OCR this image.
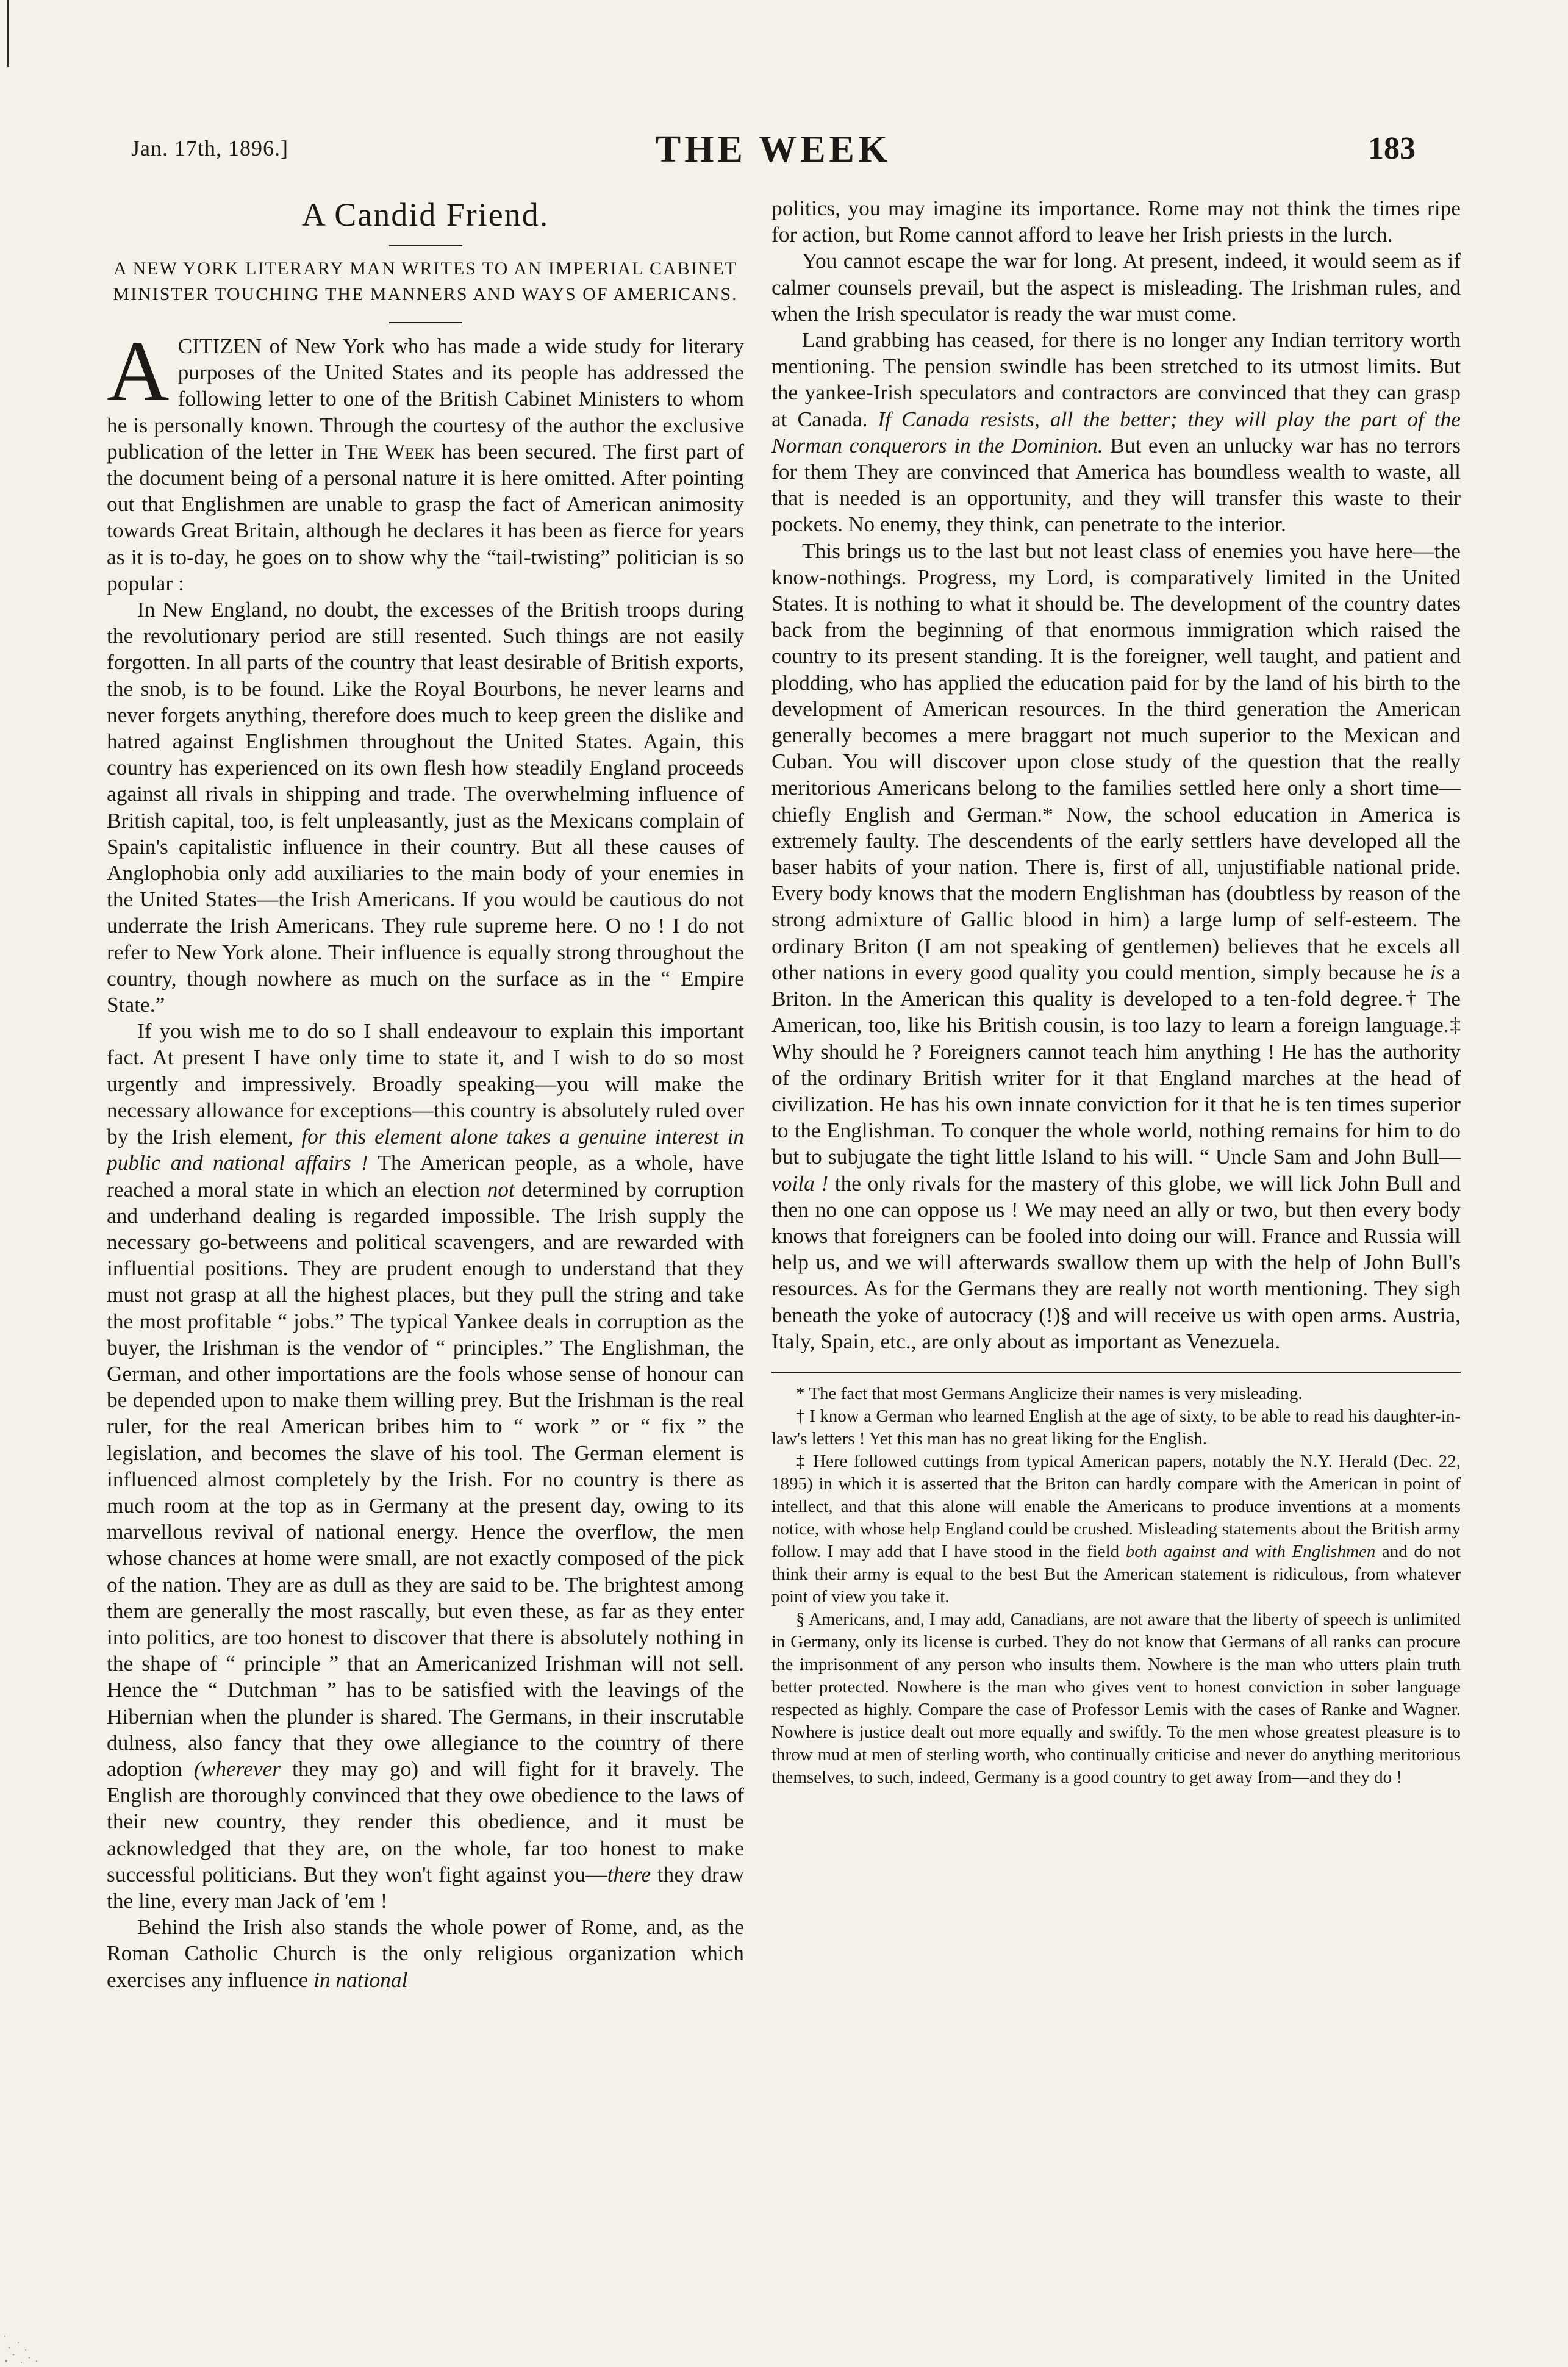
Jan. 17th, 1896.]	THE WEEK	183
A Candid Friend.
A NEW YORK LITERARY MAN WRITES TO AN IMPERIAL CABINET MINISTER TOUCHING THE MANNERS AND WAYS OF AMERICANS.

ACITIZEN of New York who has made a wide study for literary purposes of the United States and its people has addressed the following letter to one of the British Cabinet Ministers to whom he is personally known. Through the courtesy of the author the exclusive publication of the letter in The Week has been secured. The first part of the document being of a personal nature it is here omitted. After pointing out that Englishmen are unable to grasp the fact of American animosity towards Great Britain, although he declares it has been as fierce for years as it is to-day, he goes on to show why the “tail-twisting” politician is so popular :

In New England, no doubt, the excesses of the British troops during the revolutionary period are still resented. Such things are not easily forgotten. In all parts of the country that least desirable of British exports, the snob, is to be found. Like the Royal Bourbons, he never learns and never forgets anything, therefore does much to keep green the dislike and hatred against Englishmen throughout the United States. Again, this country has experienced on its own flesh how steadily England proceeds against all rivals in shipping and trade. The overwhelming influence of British capital, too, is felt unpleasantly, just as the Mexicans complain of Spain's capitalistic influence in their country. But all these causes of Anglophobia only add auxiliaries to the main body of your enemies in the United States—the Irish Americans. If you would be cautious do not underrate the Irish Americans. They rule supreme here. O no ! I do not refer to New York alone. Their influence is equally strong throughout the country, though nowhere as much on the surface as in the “ Empire State.”

If you wish me to do so I shall endeavour to explain this important fact. At present I have only time to state it, and I wish to do so most urgently and impressively. Broadly speaking—you will make the necessary allowance for exceptions—this country is absolutely ruled over by the Irish element, for this element alone takes a genuine interest in public and national affairs ! The American people, as a whole, have reached a moral state in which an election not determined by corruption and underhand dealing is regarded impossible. The Irish supply the necessary go-betweens and political scavengers, and are rewarded with influential positions. They are prudent enough to understand that they must not grasp at all the highest places, but they pull the string and take the most profitable “ jobs.” The typical Yankee deals in corruption as the buyer, the Irishman is the vendor of “ principles.” The Englishman, the German, and other importations are the fools whose sense of honour can be depended upon to make them willing prey. But the Irishman is the real ruler, for the real American bribes him to “ work ” or “ fix ” the legislation, and becomes the slave of his tool. The German element is influenced almost completely by the Irish. For no country is there as much room at the top as in Germany at the present day, owing to its marvellous revival of national energy. Hence the overflow, the men whose chances at home were small, are not exactly composed of the pick of the nation. They are as dull as they are said to be. The brightest among them are generally the most rascally, but even these, as far as they enter into politics, are too honest to discover that there is absolutely nothing in the shape of “ principle ” that an Americanized Irishman will not sell. Hence the “ Dutchman ” has to be satisfied with the leavings of the Hibernian when the plunder is shared. The Germans, in their inscrutable dulness, also fancy that they owe allegiance to the country of there adoption (wherever they may go) and will fight for it bravely. The English are thoroughly convinced that they owe obedience to the laws of their new country, they render this obedience, and it must be acknowledged that they are, on the whole, far too honest to make successful politicians. But they won't fight against you—there they draw the line, every man Jack of 'em !

Behind the Irish also stands the whole power of Rome, and, as the Roman Catholic Church is the only religious organization which exercises any influence in national

politics, you may imagine its importance. Rome may not think the times ripe for action, but Rome cannot afford to leave her Irish priests in the lurch.

You cannot escape the war for long. At present, indeed, it would seem as if calmer counsels prevail, but the aspect is misleading. The Irishman rules, and when the Irish speculator is ready the war must come.

Land grabbing has ceased, for there is no longer any Indian territory worth mentioning. The pension swindle has been stretched to its utmost limits. But the yankee-Irish speculators and contractors are convinced that they can grasp at Canada. If Canada resists, all the better; they will play the part of the Norman conquerors in the Dominion. But even an unlucky war has no terrors for them They are convinced that America has boundless wealth to waste, all that is needed is an opportunity, and they will transfer this waste to their pockets. No enemy, they think, can penetrate to the interior.

This brings us to the last but not least class of enemies you have here—the know-nothings. Progress, my Lord, is comparatively limited in the United States. It is nothing to what it should be. The development of the country dates back from the beginning of that enormous immigration which raised the country to its present standing. It is the foreigner, well taught, and patient and plodding, who has applied the education paid for by the land of his birth to the development of American resources. In the third generation the American generally becomes a mere braggart not much superior to the Mexican and Cuban. You will discover upon close study of the question that the really meritorious Americans belong to the families settled here only a short time—chiefly English and German.* Now, the school education in America is extremely faulty. The descendents of the early settlers have developed all the baser habits of your nation. There is, first of all, unjustifiable national pride. Every body knows that the modern Englishman has (doubtless by reason of the strong admixture of Gallic blood in him) a large lump of self-esteem. The ordinary Briton (I am not speaking of gentlemen) believes that he excels all other nations in every good quality you could mention, simply because he is a Briton. In the American this quality is developed to a ten-fold degree.† The American, too, like his British cousin, is too lazy to learn a foreign language.‡ Why should he ? Foreigners cannot teach him anything ! He has the authority of the ordinary British writer for it that England marches at the head of civilization. He has his own innate conviction for it that he is ten times superior to the Englishman. To conquer the whole world, nothing remains for him to do but to subjugate the tight little Island to his will. “ Uncle Sam and John Bull—voila ! the only rivals for the mastery of this globe, we will lick John Bull and then no one can oppose us ! We may need an ally or two, but then every body knows that foreigners can be fooled into doing our will. France and Russia will help us, and we will afterwards swallow them up with the help of John Bull's resources. As for the Germans they are really not worth mentioning. They sigh beneath the yoke of autocracy (!)§ and will receive us with open arms. Austria, Italy, Spain, etc., are only about as important as Venezuela.

* The fact that most Germans Anglicize their names is very misleading.

† I know a German who learned English at the age of sixty, to be able to read his daughter-in-law's letters ! Yet this man has no great liking for the English.

‡ Here followed cuttings from typical American papers, notably the N.Y. Herald (Dec. 22, 1895) in which it is asserted that the Briton can hardly compare with the American in point of intellect, and that this alone will enable the Americans to produce inventions at a moments notice, with whose help England could be crushed. Misleading statements about the British army follow. I may add that I have stood in the field both against and with Englishmen and do not think their army is equal to the best But the American statement is ridiculous, from whatever point of view you take it.

§ Americans, and, I may add, Canadians, are not aware that the liberty of speech is unlimited in Germany, only its license is curbed. They do not know that Germans of all ranks can procure the imprisonment of any person who insults them. Nowhere is the man who utters plain truth better protected. Nowhere is the man who gives vent to honest conviction in sober language respected as highly. Compare the case of Professor Lemis with the cases of Ranke and Wagner. Nowhere is justice dealt out more equally and swiftly. To the men whose greatest pleasure is to throw mud at men of sterling worth, who continually criticise and never do anything meritorious themselves, to such, indeed, Germany is a good country to get away from—and they do !
